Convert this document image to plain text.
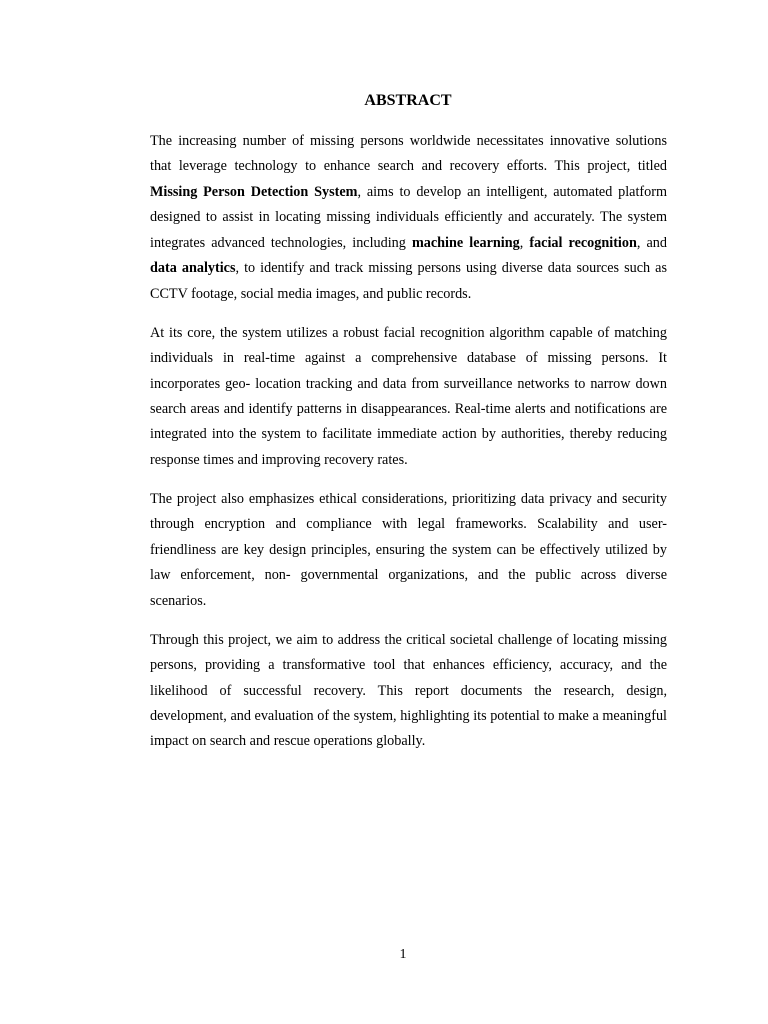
ABSTRACT

The increasing number of missing persons worldwide necessitates innovative solutions that leverage technology to enhance search and recovery efforts. This project, titled Missing Person Detection System, aims to develop an intelligent, automated platform designed to assist in locating missing individuals efficiently and accurately. The system integrates advanced technologies, including machine learning, facial recognition, and data analytics, to identify and track missing persons using diverse data sources such as CCTV footage, social media images, and public records.

At its core, the system utilizes a robust facial recognition algorithm capable of matching individuals in real-time against a comprehensive database of missing persons. It incorporates geo- location tracking and data from surveillance networks to narrow down search areas and identify patterns in disappearances. Real-time alerts and notifications are integrated into the system to facilitate immediate action by authorities, thereby reducing response times and improving recovery rates.

The project also emphasizes ethical considerations, prioritizing data privacy and security through encryption and compliance with legal frameworks. Scalability and user-friendliness are key design principles, ensuring the system can be effectively utilized by law enforcement, non- governmental organizations, and the public across diverse scenarios.

Through this project, we aim to address the critical societal challenge of locating missing persons, providing a transformative tool that enhances efficiency, accuracy, and the likelihood of successful recovery. This report documents the research, design, development, and evaluation of the system, highlighting its potential to make a meaningful impact on search and rescue operations globally.

1
